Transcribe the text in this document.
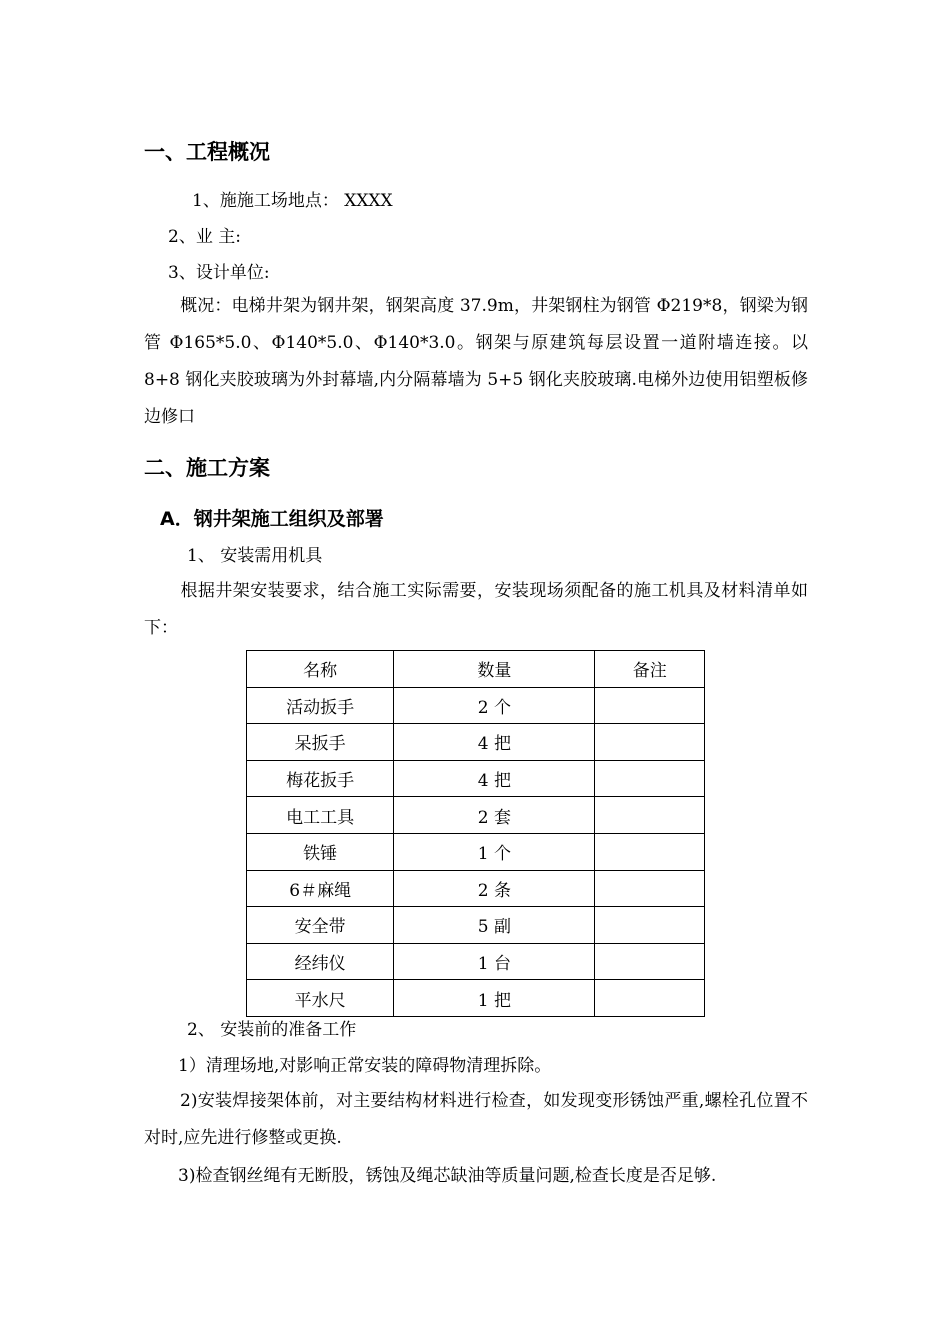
一、工程概况
1、施施工场地点： XXXX
2、业 主:
3、设计单位:
概况：电梯井架为钢井架，钢架高度 37.9m，井架钢柱为钢管 Φ219*8，钢梁为钢管 Φ165*5.0、Φ140*5.0、Φ140*3.0。钢架与原建筑每层设置一道附墙连接。以 8+8 钢化夹胶玻璃为外封幕墙,内分隔幕墙为 5+5 钢化夹胶玻璃.电梯外边使用铝塑板修边修口
二、施工方案
A．钢井架施工组织及部署
1、 安装需用机具
根据井架安装要求，结合施工实际需要，安装现场须配备的施工机具及材料清单如下：
名称	数量	备注
活动扳手	2 个	
呆扳手	4 把	
梅花扳手	4 把	
电工工具	2 套	
铁锤	1 个	
6＃麻绳	2 条	
安全带	5 副	
经纬仪	1 台	
平水尺	1 把	
2、 安装前的准备工作
1）清理场地,对影响正常安装的障碍物清理拆除。
2)安装焊接架体前，对主要结构材料进行检查，如发现变形锈蚀严重,螺栓孔位置不对时,应先进行修整或更换.
3)检查钢丝绳有无断股，锈蚀及绳芯缺油等质量问题,检查长度是否足够.
